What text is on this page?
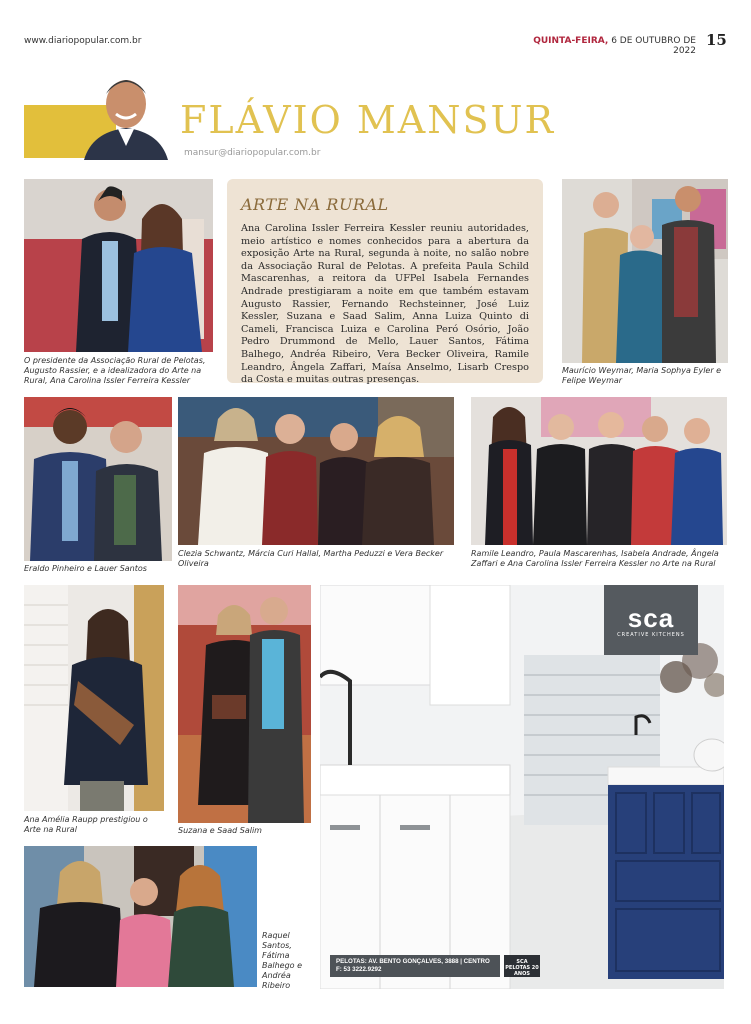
www.diariopopular.com.br	QUINTA-FEIRA, 6 DE OUTUBRO DE 2022
15
FLÁVIO MANSUR
mansur@diariopopular.com.br
O presidente da Associação Rural de Pelotas, Augusto Rassier, e a idealizadora do Arte na Rural, Ana Carolina Issler Ferreira Kessler
ARTE NA RURAL

Ana Carolina Issler Ferreira Kessler reuniu autoridades, meio artístico e nomes conhecidos para a abertura da exposição Arte na Rural, segunda à noite, no salão nobre da Associação Rural de Pelotas. A prefeita Paula Schild Mascarenhas, a reitora da UFPel Isabela Fernandes Andrade prestigiaram a noite em que também estavam Augusto Rassier, Fernando Rechsteinner, José Luiz Kessler, Suzana e Saad Salim, Anna Luiza Quinto di Cameli, Francisca Luiza e Carolina Peró Osório, João Pedro Drummond de Mello, Lauer Santos, Fátima Balhego, Andréa Ribeiro, Vera Becker Oliveira, Ramile Leandro, Ângela Zaffari, Maísa Anselmo, Lisarb Crespo da Costa e muitas outras presenças.

Maurício Weymar, Maria Sophya Eyler e Felipe Weymar
Eraldo Pinheiro e Lauer Santos
Clezia Schwantz, Márcia Curi Hallal, Martha Peduzzi e Vera Becker Oliveira
Ramile Leandro, Paula Mascarenhas, Isabela Andrade, Ângela Zaffari e Ana Carolina Issler Ferreira Kessler no Arte na Rural
Ana Amélia Raupp prestigiou o Arte na Rural	Suzana e Saad Salim
Raquel Santos, Fátima Balhego e Andréa Ribeiro
sca
CREATIVE KITCHENS
PELOTAS: AV. BENTO GONÇALVES, 3888 | CENTRO
F: 53 3222.9292
SCA PELOTAS 20 ANOS
